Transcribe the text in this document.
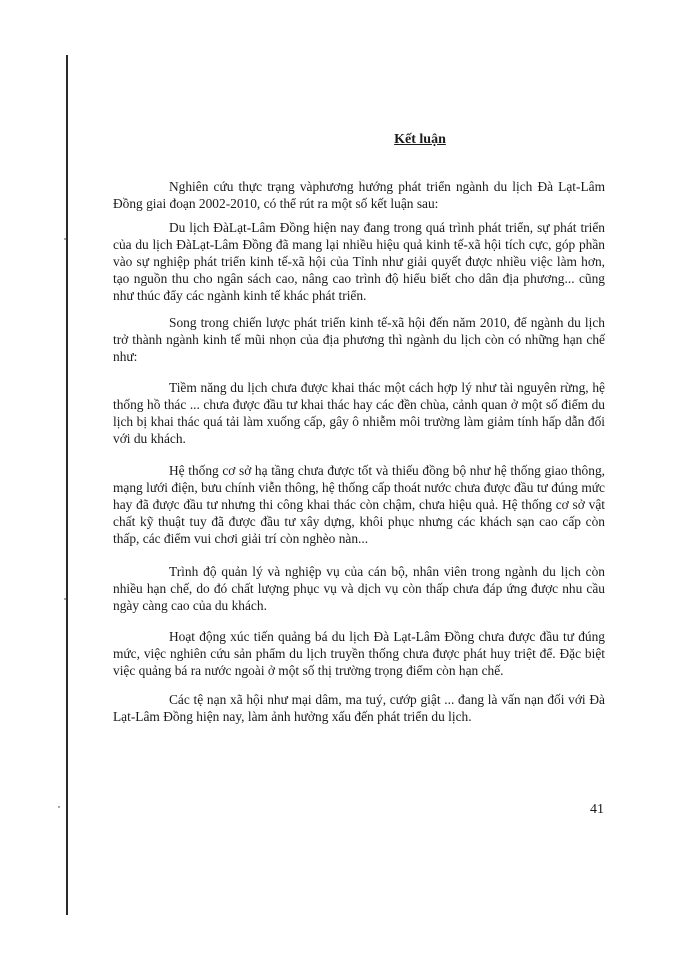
Kết luận

Nghiên cứu thực trạng vàphương hướng phát triển ngành du lịch Đà Lạt-Lâm Đồng giai đoạn 2002-2010, có thể rút ra một số kết luận sau:

Du lịch ĐàLạt-Lâm Đồng hiện nay đang trong quá trình phát triển, sự phát triển của du lịch ĐàLạt-Lâm Đồng đã mang lại nhiều hiệu quả kinh tế-xã hội tích cực, góp phần vào sự nghiệp phát triển kinh tế-xã hội của Tỉnh như giải quyết được nhiều việc làm hơn, tạo nguồn thu cho ngân sách cao, nâng cao trình độ hiểu biết cho dân địa phương... cũng như thúc đẩy các ngành kinh tế khác phát triển.

Song trong chiến lược phát triển kinh tế-xã hội đến năm 2010, để ngành du lịch trở thành ngành kinh tế mũi nhọn của địa phương thì ngành du lịch còn có những hạn chế như:

Tiềm năng du lịch chưa được khai thác một cách hợp lý như tài nguyên rừng, hệ thống hồ thác ... chưa được đầu tư khai thác hay các đền chùa, cảnh quan ở một số điểm du lịch bị khai thác quá tải làm xuống cấp, gây ô nhiễm môi trường làm giảm tính hấp dẫn đối với du khách.

Hệ thống cơ sở hạ tầng chưa được tốt và thiếu đồng bộ như hệ thống giao thông, mạng lưới điện, bưu chính viễn thông, hệ thống cấp thoát nước chưa được đầu tư đúng mức hay đã được đầu tư nhưng thi công khai thác còn chậm, chưa hiệu quả. Hệ thống cơ sở vật chất kỹ thuật tuy đã được đầu tư xây dựng, khôi phục nhưng các khách sạn cao cấp còn thấp, các điểm vui chơi giải trí còn nghèo nàn...

Trình độ quản lý và nghiệp vụ của cán bộ, nhân viên trong ngành du lịch còn nhiều hạn chế, do đó chất lượng phục vụ và dịch vụ còn thấp chưa đáp ứng được nhu cầu ngày càng cao của du khách.

Hoạt động xúc tiến quảng bá du lịch Đà Lạt-Lâm Đồng chưa được đầu tư đúng mức, việc nghiên cứu sản phẩm du lịch truyền thống chưa được phát huy triệt để. Đặc biệt việc quảng bá ra nước ngoài ở một số thị trường trọng điểm còn hạn chế.

Các tệ nạn xã hội như mại dâm, ma tuý, cướp giật ... đang là vấn nạn đối với Đà Lạt-Lâm Đồng hiện nay, làm ảnh hưởng xấu đến phát triển du lịch.

41
